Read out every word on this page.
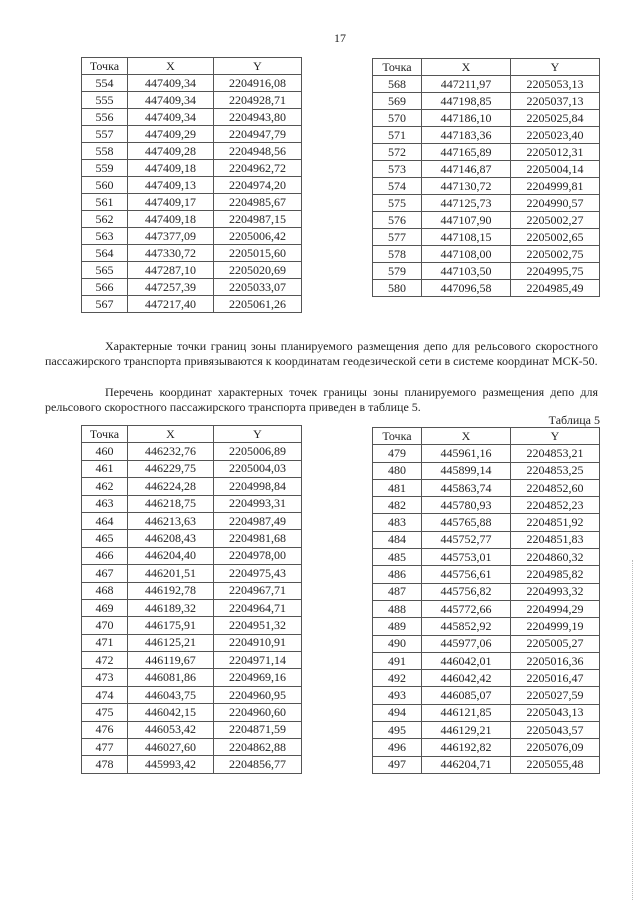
17
Точка	X	Y
554	447409,34	2204916,08
555	447409,34	2204928,71
556	447409,34	2204943,80
557	447409,29	2204947,79
558	447409,28	2204948,56
559	447409,18	2204962,72
560	447409,13	2204974,20
561	447409,17	2204985,67
562	447409,18	2204987,15
563	447377,09	2205006,42
564	447330,72	2205015,60
565	447287,10	2205020,69
566	447257,39	2205033,07
567	447217,40	2205061,26
Точка	X	Y
568	447211,97	2205053,13
569	447198,85	2205037,13
570	447186,10	2205025,84
571	447183,36	2205023,40
572	447165,89	2205012,31
573	447146,87	2205004,14
574	447130,72	2204999,81
575	447125,73	2204990,57
576	447107,90	2205002,27
577	447108,15	2205002,65
578	447108,00	2205002,75
579	447103,50	2204995,75
580	447096,58	2204985,49

Характерные точки границ зоны планируемого размещения депо для рельсового скоростного пассажирского транспорта привязываются к координатам геодезической сети в системе координат МСК-50.

Перечень координат характерных точек границы зоны планируемого размещения депо для рельсового скоростного пассажирского транспорта приведен в таблице 5.

Таблица 5
Точка	X	Y
460	446232,76	2205006,89
461	446229,75	2205004,03
462	446224,28	2204998,84
463	446218,75	2204993,31
464	446213,63	2204987,49
465	446208,43	2204981,68
466	446204,40	2204978,00
467	446201,51	2204975,43
468	446192,78	2204967,71
469	446189,32	2204964,71
470	446175,91	2204951,32
471	446125,21	2204910,91
472	446119,67	2204971,14
473	446081,86	2204969,16
474	446043,75	2204960,95
475	446042,15	2204960,60
476	446053,42	2204871,59
477	446027,60	2204862,88
478	445993,42	2204856,77
Точка	X	Y
479	445961,16	2204853,21
480	445899,14	2204853,25
481	445863,74	2204852,60
482	445780,93	2204852,23
483	445765,88	2204851,92
484	445752,77	2204851,83
485	445753,01	2204860,32
486	445756,61	2204985,82
487	445756,82	2204993,32
488	445772,66	2204994,29
489	445852,92	2204999,19
490	445977,06	2205005,27
491	446042,01	2205016,36
492	446042,42	2205016,47
493	446085,07	2205027,59
494	446121,85	2205043,13
495	446129,21	2205043,57
496	446192,82	2205076,09
497	446204,71	2205055,48
